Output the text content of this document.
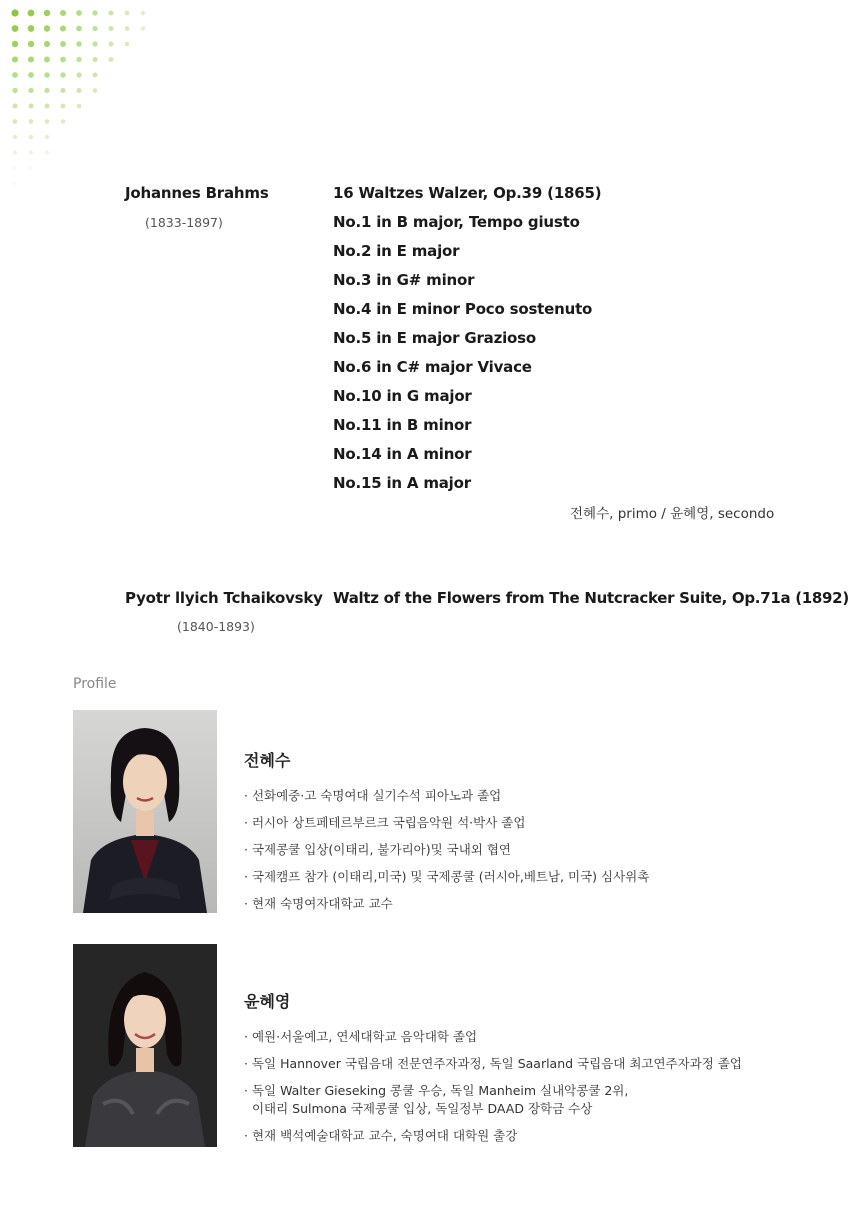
Johannes Brahms
(1833-1897)
16 Waltzes Walzer, Op.39 (1865)
No.1 in B major, Tempo giusto
No.2 in E major
No.3 in G# minor
No.4 in E minor Poco sostenuto
No.5 in E major Grazioso
No.6 in C# major Vivace
No.10 in G major
No.11 in B minor
No.14 in A minor
No.15 in A major
전혜수, primo / 윤혜영, secondo
Pyotr llyich Tchaikovsky
(1840-1893)
Waltz of the Flowers from The Nutcracker Suite, Op.71a (1892)
Profile
전혜수
· 선화예중·고 숙명여대 실기수석 피아노과 졸업
· 러시아 상트페테르부르크 국립음악원 석·박사 졸업
· 국제콩쿨 입상(이태리, 불가리아)및 국내외 협연
· 국제캠프 참가 (이태리,미국) 및 국제콩쿨 (러시아,베트남, 미국) 심사위촉
· 현재 숙명여자대학교 교수
윤혜영
· 예원·서울예고, 연세대학교 음악대학 졸업
· 독일 Hannover 국립음대 전문연주자과정, 독일 Saarland 국립음대 최고연주자과정 졸업
· 독일 Walter Gieseking 콩쿨 우승, 독일 Manheim 실내악콩쿨 2위,
이태리 Sulmona 국제콩쿨 입상, 독일정부 DAAD 장학금 수상
· 현재 백석예술대학교 교수, 숙명여대 대학원 출강
